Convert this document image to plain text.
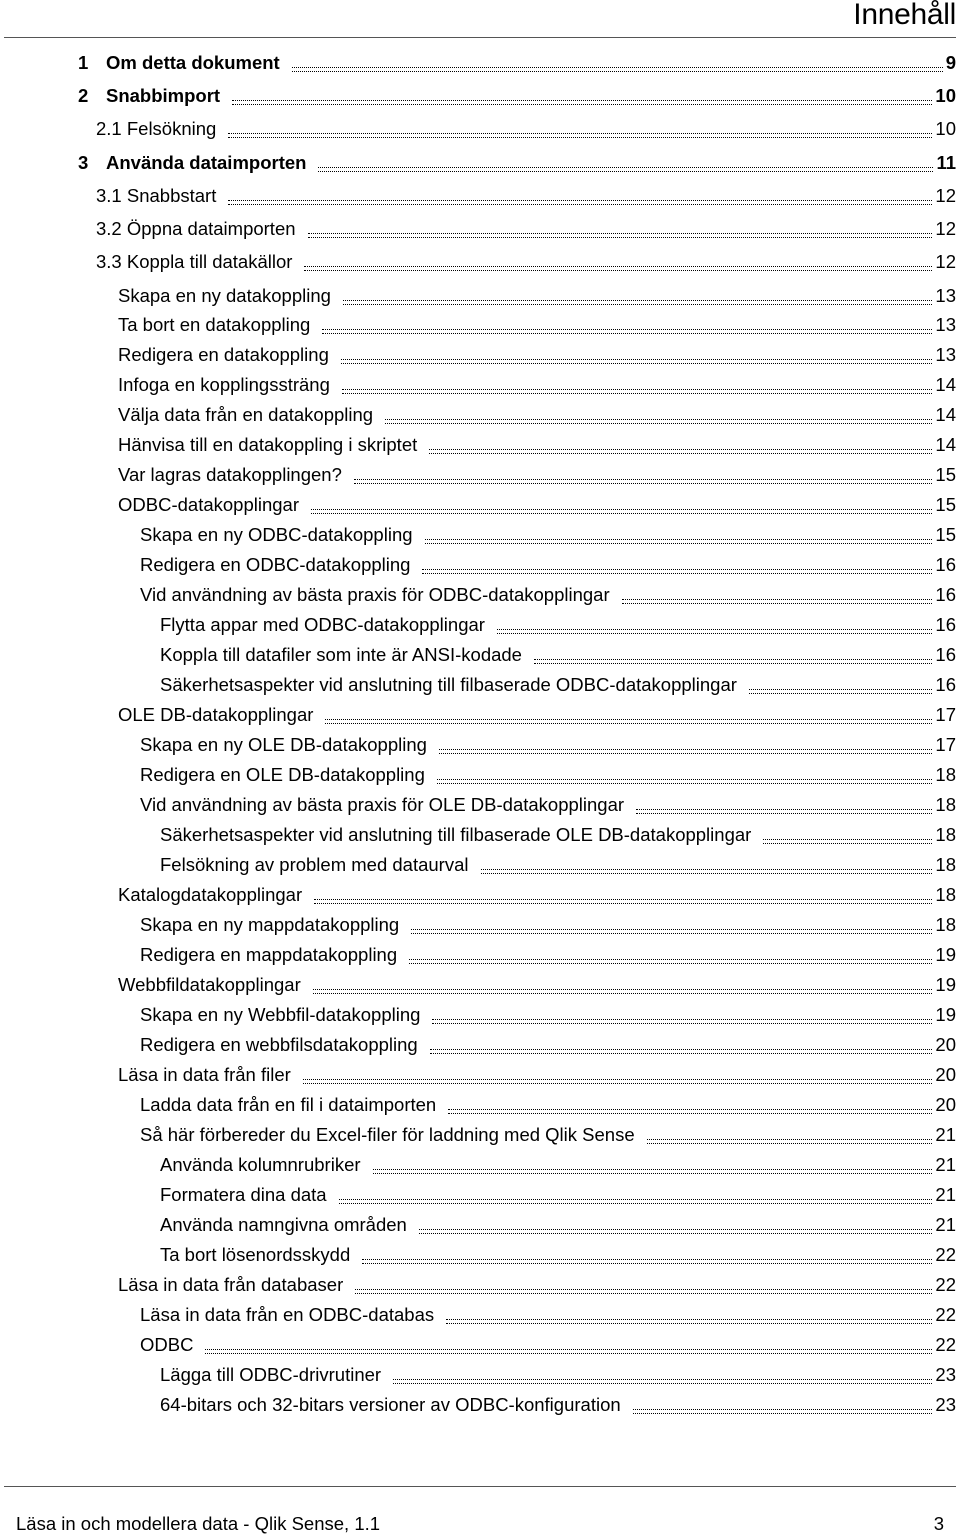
Innehåll
1 Om detta dokument	9
2 Snabbimport	10
2.1 Felsökning	10
3 Använda dataimporten	11
3.1 Snabbstart	12
3.2 Öppna dataimporten	12
3.3 Koppla till datakällor	12
Skapa en ny datakoppling	13
Ta bort en datakoppling	13
Redigera en datakoppling	13
Infoga en kopplingssträng	14
Välja data från en datakoppling	14
Hänvisa till en datakoppling i skriptet	14
Var lagras datakopplingen?	15
ODBC-datakopplingar	15
Skapa en ny ODBC-datakoppling	15
Redigera en ODBC-datakoppling	16
Vid användning av bästa praxis för ODBC-datakopplingar	16
Flytta appar med ODBC-datakopplingar	16
Koppla till datafiler som inte är ANSI-kodade	16
Säkerhetsaspekter vid anslutning till filbaserade ODBC-datakopplingar	16
OLE DB-datakopplingar	17
Skapa en ny OLE DB-datakoppling	17
Redigera en OLE DB-datakoppling	18
Vid användning av bästa praxis för OLE DB-datakopplingar	18
Säkerhetsaspekter vid anslutning till filbaserade OLE DB-datakopplingar	18
Felsökning av problem med dataurval	18
Katalogdatakopplingar	18
Skapa en ny mappdatakoppling	18
Redigera en mappdatakoppling	19
Webbfildatakopplingar	19
Skapa en ny Webbfil-datakoppling	19
Redigera en webbfilsdatakoppling	20
Läsa in data från filer	20
Ladda data från en fil i dataimporten	20
Så här förbereder du Excel-filer för laddning med Qlik Sense	21
Använda kolumnrubriker	21
Formatera dina data	21
Använda namngivna områden	21
Ta bort lösenordsskydd	22
Läsa in data från databaser	22
Läsa in data från en ODBC-databas	22
ODBC	22
Lägga till ODBC-drivrutiner	23
64-bitars och 32-bitars versioner av ODBC-konfiguration	23
Läsa in och modellera data - Qlik Sense, 1.1	3
